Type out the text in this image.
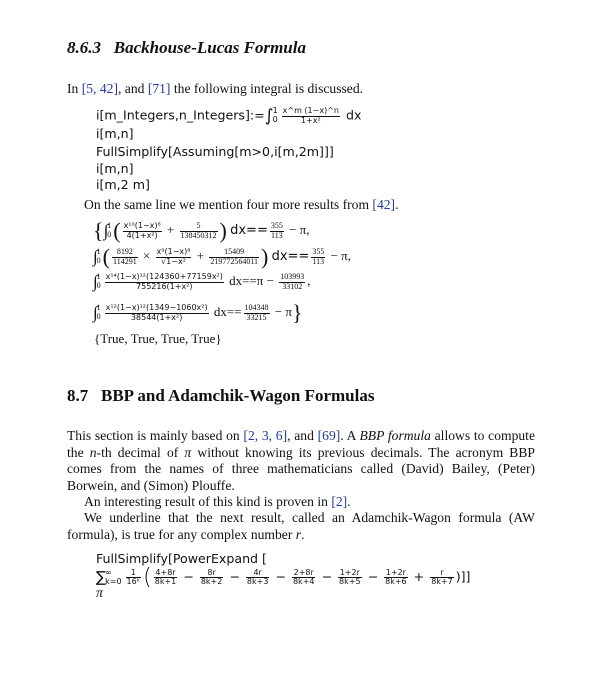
8.6.3 Backhouse-Lucas Formula
In [5, 42], and [71] the following integral is discussed.
i[m_Integers,n_Integers]:=∫ 1
$0 \frac{x\^{}m (1-x)\^{}n}{\text{1+x²}}$ dx
i[m,n]
FullSimplify[Assuming[m>0,i[m,2m]]]
i[m,n]
i[m,2 m]
On the same line we mention four more results from [42].
{∫ 1
0 ( $\frac{\text{x¹⁰(1−x)⁸}}{\text{4(1+x²)}} + \frac{5}{138450312}$ ) $dx== \frac{355}{113} - \pi$,
∫ 1
0 ( $\frac{8192}{114291} \times \frac{\text{x⁹(1−x)⁸}}{\text{√1−x²}} + \frac{15409}{219772564011}$ ) $dx== \frac{355}{113} - \pi$,
∫ 1
$0 \frac{\text{x¹⁴(1−x)¹²(124360+77159x²)}}{\text{755216(1+x²)}} dx==\pi - \frac{103993}{33102}$ ,
∫ 1
$0 \frac{\text{x¹²(1−x)¹²(1349−1060x²)}}{\text{38544(1+x²)}} dx== \frac{104348}{33215} - \pi$}
{True, True, True, True}
8.7 BBP and Adamchik-Wagon Formulas
This section is mainly based on [2, 3, 6], and [69]. A BBP formula allows to compute the n-th decimal of π without knowing its previous decimals. The acronym BBP comes from the names of three mathematicians called (David) Bailey, (Peter) Borwein, and (Simon) Plouffe.
An interesting result of this kind is proven in [2].
We underline that the next result, called an Adamchik-Wagon formula (AW formula), is true for any complex number r.
FullSimplify[PowerExpand [
∑ ∞
$k=0 \frac{1}{\text{16ᵏ}}$ ( $\frac{4+8r}{8k+1} - \frac{8r}{8k+2} - \frac{4r}{8k+3} - \frac{2+8r}{8k+4} - \frac{1+2r}{8k+5} - \frac{1+2r}{8k+6} + \frac{r}{8k+7}$ )]]
π
